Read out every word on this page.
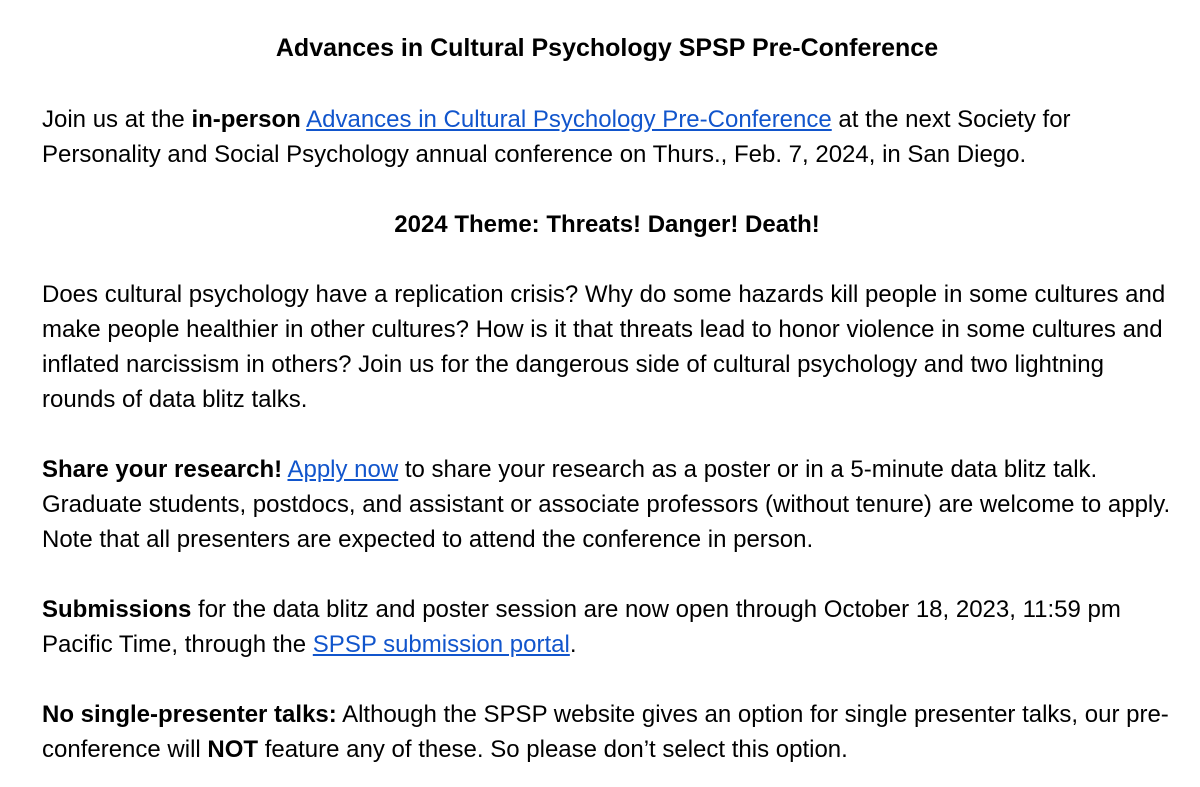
Advances in Cultural Psychology SPSP Pre-Conference

Join us at the in-person Advances in Cultural Psychology Pre-Conference at the next Society for Personality and Social Psychology annual conference on Thurs., Feb. 7, 2024, in San Diego.

2024 Theme: Threats! Danger! Death!

Does cultural psychology have a replication crisis? Why do some hazards kill people in some cultures and make people healthier in other cultures? How is it that threats lead to honor violence in some cultures and inflated narcissism in others? Join us for the dangerous side of cultural psychology and two lightning rounds of data blitz talks.

Share your research! Apply now to share your research as a poster or in a 5-minute data blitz talk. Graduate students, postdocs, and assistant or associate professors (without tenure) are welcome to apply. Note that all presenters are expected to attend the conference in person.

Submissions for the data blitz and poster session are now open through October 18, 2023, 11:59 pm Pacific Time, through the SPSP submission portal.

No single-presenter talks: Although the SPSP website gives an option for single presenter talks, our pre-conference will NOT feature any of these. So please don’t select this option.
